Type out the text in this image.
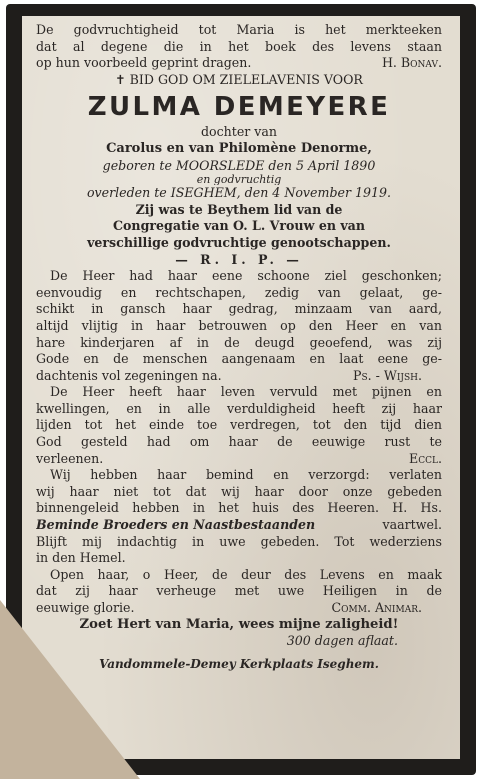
De godvruchtigheid tot Maria is het merkteeken
dat al degene die in het boek des levens staan
op hun voorbeeld geprint dragen.	H. Bonav.
✝ BID GOD OM ZIELELAVENIS VOOR
ZULMA DEMEYERE
dochter van
Carolus en van Philomène Denorme,
geboren te MOORSLEDE den 5 April 1890
en godvruchtig
overleden te ISEGHEM, den 4 November 1919.
Zij was te Beythem lid van de
Congregatie van O. L. Vrouw en van
verschillige godvruchtige genootschappen.
— R. I. P. —
De Heer had haar eene schoone ziel geschonken;
eenvoudig en rechtschapen, zedig van gelaat, ge-
schikt in gansch haar gedrag, minzaam van aard,
altijd vlijtig in haar betrouwen op den Heer en van
hare kinderjaren af in de deugd geoefend, was zij
Gode en de menschen aangenaam en laat eene ge-
dachtenis vol zegeningen na.	Ps. - Wijsh.
De Heer heeft haar leven vervuld met pijnen en
kwellingen, en in alle verduldigheid heeft zij haar
lijden tot het einde toe verdregen, tot den tijd dien
God gesteld had om haar de eeuwige rust te
verleenen.	Eccl.
Wij hebben haar bemind en verzorgd: verlaten
wij haar niet tot dat wij haar door onze gebeden
binnengeleid hebben in het huis des Heeren. H. Hs.
Beminde Broeders en Naastbestaanden	vaartwel.
Blijft mij indachtig in uwe gebeden. Tot wederziens
in den Hemel.
Open haar, o Heer, de deur des Levens en maak
dat zij haar verheuge met uwe Heiligen in de
eeuwige glorie.	Comm. Animar.
Zoet Hert van Maria, wees mijne zaligheid!
300 dagen aflaat.
Vandommele-Demey Kerkplaats Iseghem.
